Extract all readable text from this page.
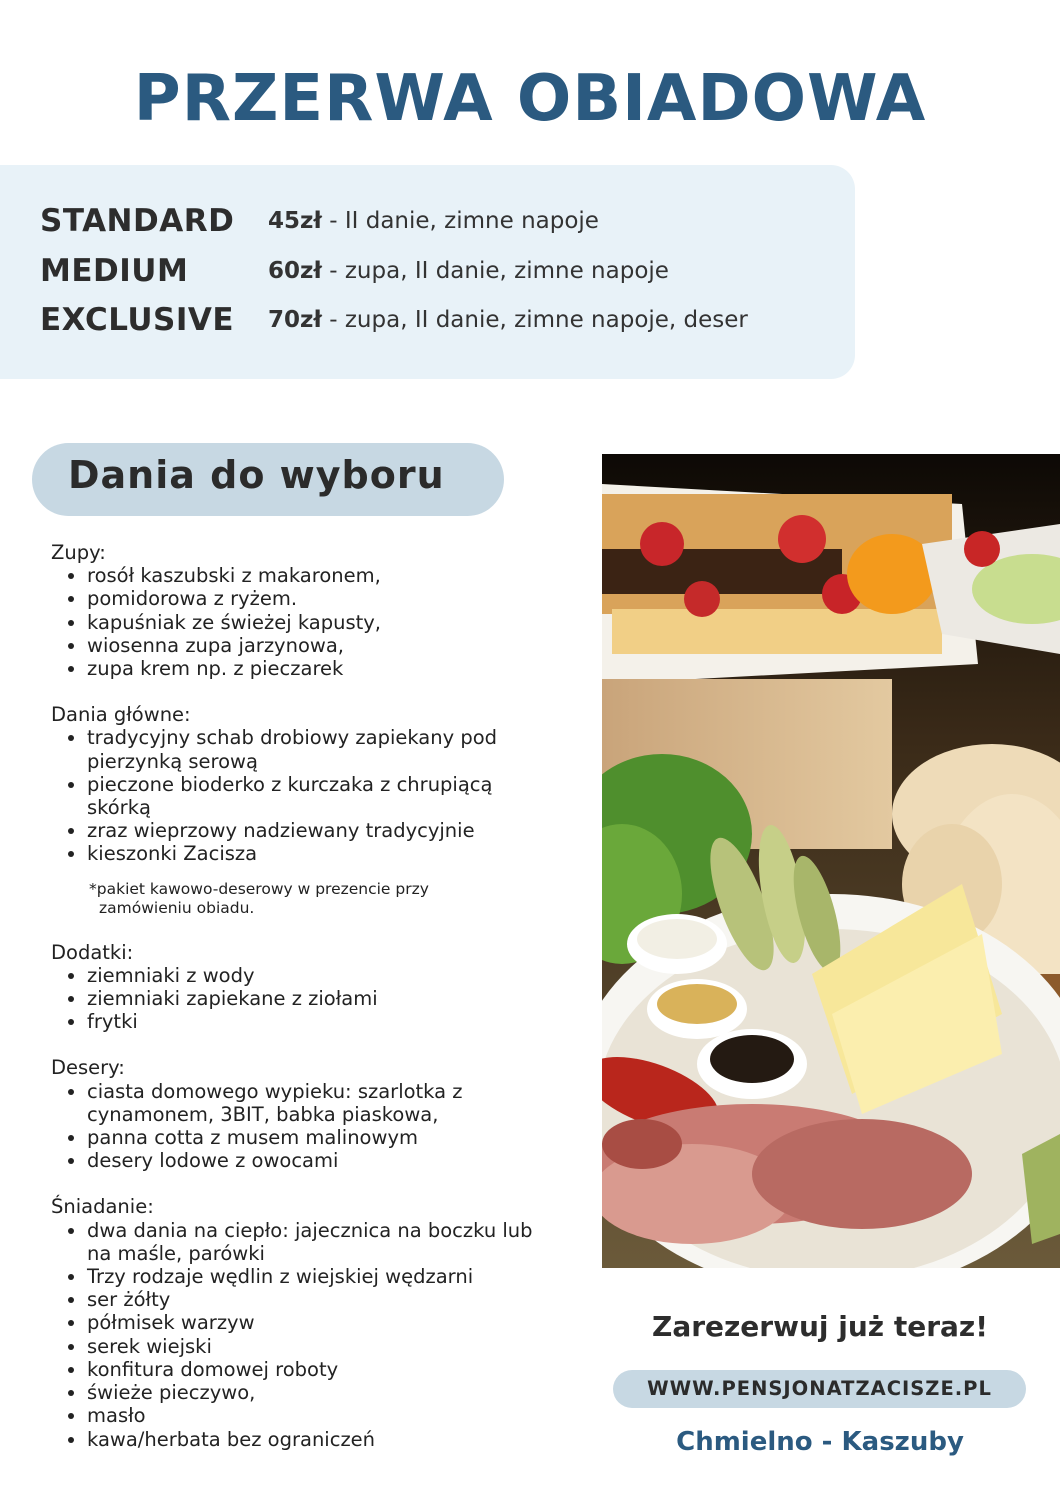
PRZERWA OBIADOWA
STANDARD 45zł - II danie, zimne napoje
MEDIUM	60zł - zupa, II danie, zimne napoje
EXCLUSIVE 70zł - zupa, II danie, zimne napoje, deser
Dania do wyboru

Zupy:

• rosół kaszubski z makaronem,
• pomidorowa z ryżem.
• kapuśniak ze świeżej kapusty,
• wiosenna zupa jarzynowa,
• zupa krem np. z pieczarek

Dania główne:

• tradycyjny schab drobiowy zapiekany pod pierzynką serową
• pieczone bioderko z kurczaka z chrupiącą skórką
• zraz wieprzowy nadziewany tradycyjnie
• kieszonki Zacisza
*pakiet kawowo-deserowy w prezencie przy
zamówieniu obiadu.

Dodatki:

• ziemniaki z wody
• ziemniaki zapiekane z ziołami
• frytki

Desery:

• ciasta domowego wypieku: szarlotka z cynamonem, 3BIT, babka piaskowa,
• panna cotta z musem malinowym
• desery lodowe z owocami

Śniadanie:

• dwa dania na ciepło: jajecznica na boczku lub na maśle, parówki
• Trzy rodzaje wędlin z wiejskiej wędzarni
• ser żółty
• półmisek warzyw
• serek wiejski
• konfitura domowej roboty
• świeże pieczywo,
• masło
• kawa/herbata bez ograniczeń

Zarezerwuj już teraz!

WWW.PENSJONATZACISZE.PL

Chmielno - Kaszuby
